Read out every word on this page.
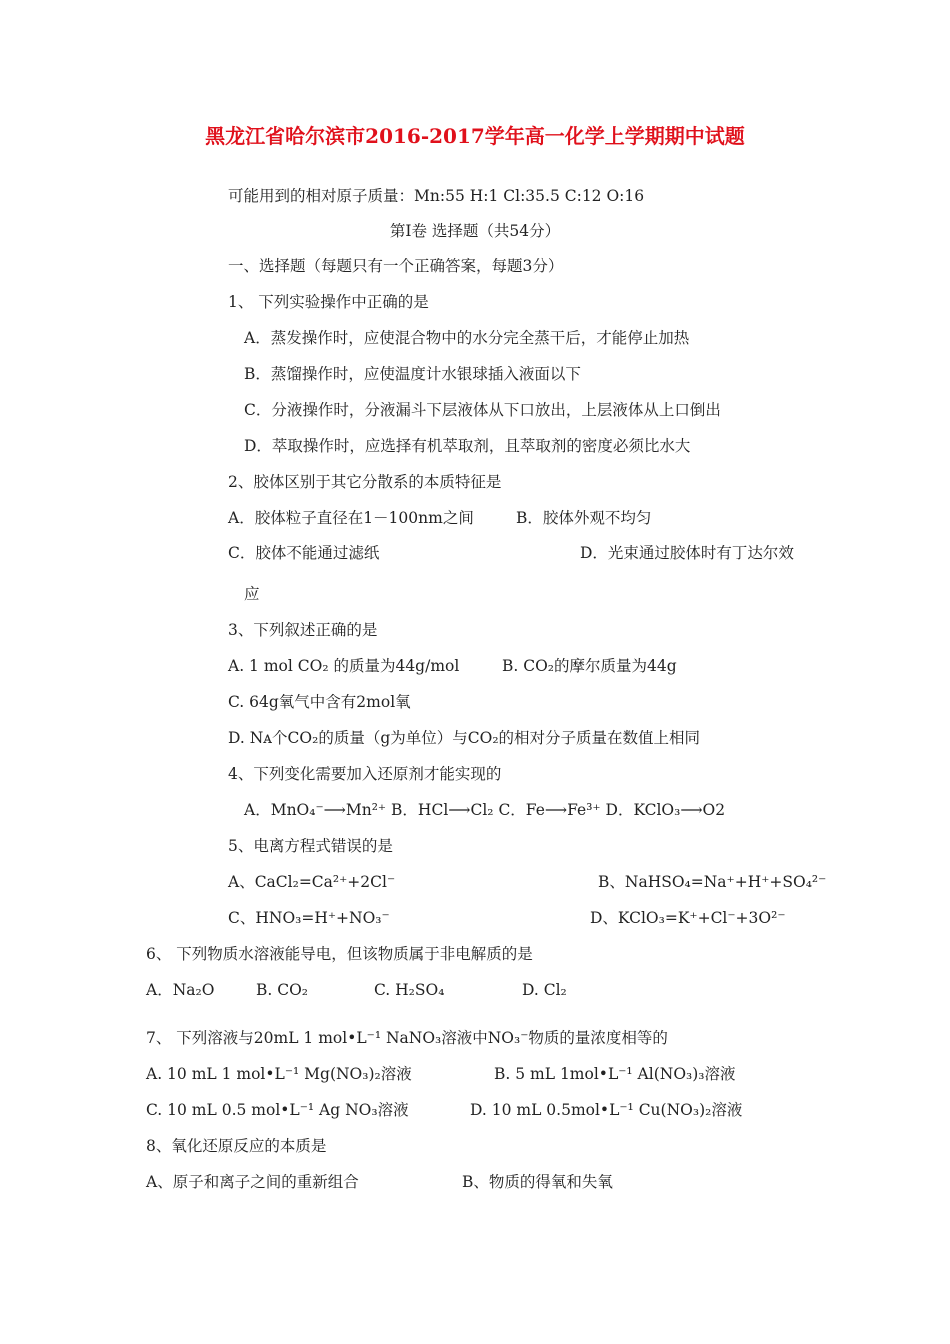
黑龙江省哈尔滨市2016-2017学年高一化学上学期期中试题
可能用到的相对原子质量：Mn:55 H:1 Cl:35.5 C:12 O:16
第Ⅰ卷 选择题（共54分）
一、选择题（每题只有一个正确答案，每题3分）
1、 下列实验操作中正确的是
A．蒸发操作时，应使混合物中的水分完全蒸干后，才能停止加热
B．蒸馏操作时，应使温度计水银球插入液面以下
C．分液操作时，分液漏斗下层液体从下口放出，上层液体从上口倒出
D．萃取操作时，应选择有机萃取剂，且萃取剂的密度必须比水大
2、胶体区别于其它分散系的本质特征是
A．胶体粒子直径在1－100nm之间	B．胶体外观不均匀
C．胶体不能通过滤纸	D．光束通过胶体时有丁达尔效
应
3、下列叙述正确的是
A. 1 mol CO₂ 的质量为44g/mol	B. CO₂的摩尔质量为44g
C. 64g氧气中含有2mol氧
D. Nᴀ个CO₂的质量（g为单位）与CO₂的相对分子质量在数值上相同
4、下列变化需要加入还原剂才能实现的
A．MnO₄⁻⟶Mn²⁺ B．HCl⟶Cl₂ C．Fe⟶Fe³⁺ D．KClO₃⟶O2
5、电离方程式错误的是
A、CaCl₂=Ca²⁺+2Cl⁻	B、NaHSO₄=Na⁺+H⁺+SO₄²⁻
C、HNO₃=H⁺+NO₃⁻	D、KClO₃=K⁺+Cl⁻+3O²⁻
6、 下列物质水溶液能导电，但该物质属于非电解质的是
A．Na₂O	B. CO₂	C. H₂SO₄	D. Cl₂
7、 下列溶液与20mL 1 mol•L⁻¹ NaNO₃溶液中NO₃⁻物质的量浓度相等的
A. 10 mL 1 mol•L⁻¹ Mg(NO₃)₂溶液	B. 5 mL 1mol•L⁻¹ Al(NO₃)₃溶液
C. 10 mL 0.5 mol•L⁻¹ Ag NO₃溶液	D. 10 mL 0.5mol•L⁻¹ Cu(NO₃)₂溶液
8、氧化还原反应的本质是
A、原子和离子之间的重新组合	B、物质的得氧和失氧
